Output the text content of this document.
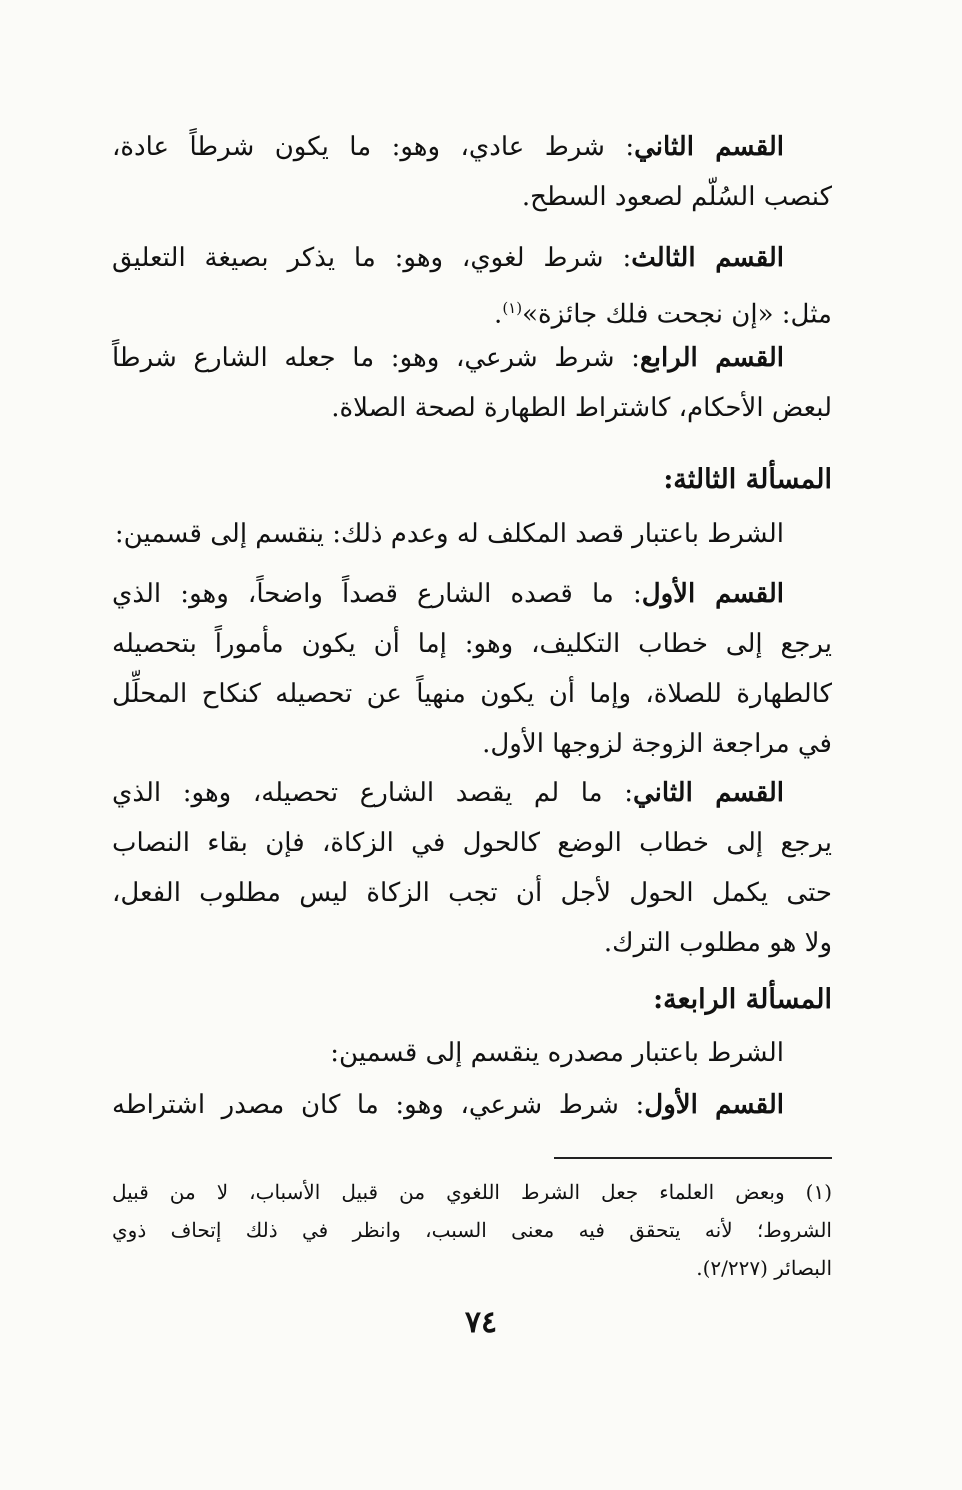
القسم الثاني: شرط عادي، وهو: ما يكون شرطاً عادة،
كنصب السُلّم لصعود السطح.
القسم الثالث: شرط لغوي، وهو: ما يذكر بصيغة التعليق
مثل: «إن نجحت فلك جائزة»$^{(١)}$.
القسم الرابع: شرط شرعي، وهو: ما جعله الشارع شرطاً
لبعض الأحكام، كاشتراط الطهارة لصحة الصلاة.
المسألة الثالثة:
الشرط باعتبار قصد المكلف له وعدم ذلك: ينقسم إلى قسمين:
القسم الأول: ما قصده الشارع قصداً واضحاً، وهو: الذي
يرجع إلى خطاب التكليف، وهو: إما أن يكون مأموراً بتحصيله
كالطهارة للصلاة، وإما أن يكون منهياً عن تحصيله كنكاح المحلِّل
في مراجعة الزوجة لزوجها الأول.
القسم الثاني: ما لم يقصد الشارع تحصيله، وهو: الذي
يرجع إلى خطاب الوضع كالحول في الزكاة، فإن بقاء النصاب
حتى يكمل الحول لأجل أن تجب الزكاة ليس مطلوب الفعل،
ولا هو مطلوب الترك.
المسألة الرابعة:
الشرط باعتبار مصدره ينقسم إلى قسمين:
القسم الأول: شرط شرعي، وهو: ما كان مصدر اشتراطه
(١) وبعض العلماء جعل الشرط اللغوي من قبيل الأسباب، لا من قبيل
الشروط؛ لأنه يتحقق فيه معنى السبب، وانظر في ذلك إتحاف ذوي
البصائر (٢/٢٢٧).
٧٤
